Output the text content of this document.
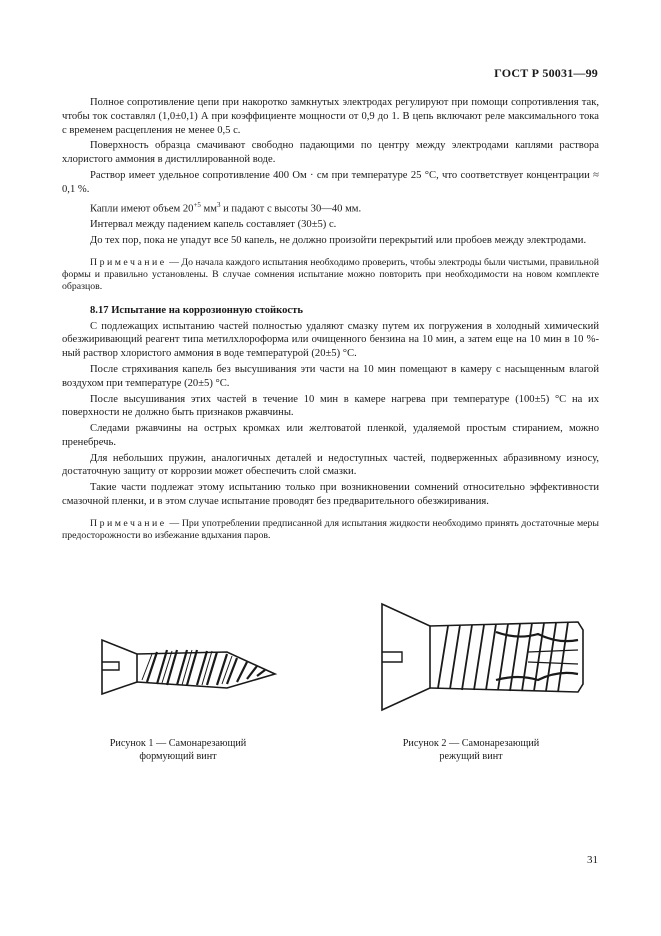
ГОСТ Р 50031—99

Полное сопротивление цепи при накоротко замкнутых электродах регулируют при помощи сопротивления так, чтобы ток составлял (1,0±0,1) А при коэффициенте мощности от 0,9 до 1. В цепь включают реле максимального тока с временем расцепления не менее 0,5 с.

Поверхность образца смачивают свободно падающими по центру между электродами каплями раствора хлористого аммония в дистиллированной воде.

Раствор имеет удельное сопротивление 400 Ом · см при температуре 25 °С, что соответствует концентрации ≈ 0,1 %.

Капли имеют объем $20^{+5}$ $мм^3$ и падают с высоты 30—40 мм.

Интервал между падением капель составляет (30±5) с.

До тех пор, пока не упадут все 50 капель, не должно произойти перекрытий или пробоев между электродами.

Примечание — До начала каждого испытания необходимо проверить, чтобы электроды были чистыми, правильной формы и правильно установлены. В случае сомнения испытание можно повторить при необходимости на новом комплекте образцов.

8.17 Испытание на коррозионную стойкость

С подлежащих испытанию частей полностью удаляют смазку путем их погружения в холодный химический обезжиривающий реагент типа метилхлороформа или очищенного бензина на 10 мин, а затем еще на 10 мин в 10 %-ный раствор хлористого аммония в воде температурой (20±5) °С.

После стряхивания капель без высушивания эти части на 10 мин помещают в камеру с насыщенным влагой воздухом при температуре (20±5) °С.

После высушивания этих частей в течение 10 мин в камере нагрева при температуре (100±5) °С на их поверхности не должно быть признаков ржавчины.

Следами ржавчины на острых кромках или желтоватой пленкой, удаляемой простым стиранием, можно пренебречь.

Для небольших пружин, аналогичных деталей и недоступных частей, подверженных абразивному износу, достаточную защиту от коррозии может обеспечить слой смазки.

Такие части подлежат этому испытанию только при возникновении сомнений относительно эффективности смазочной пленки, и в этом случае испытание проводят без предварительного обезжиривания.

Примечание — При употреблении предписанной для испытания жидкости необходимо принять достаточные меры предосторожности во избежание вдыхания паров.

Рисунок 1 — Самонарезающий
формующий винт
Рисунок 2 — Самонарезающий
режущий винт
31
